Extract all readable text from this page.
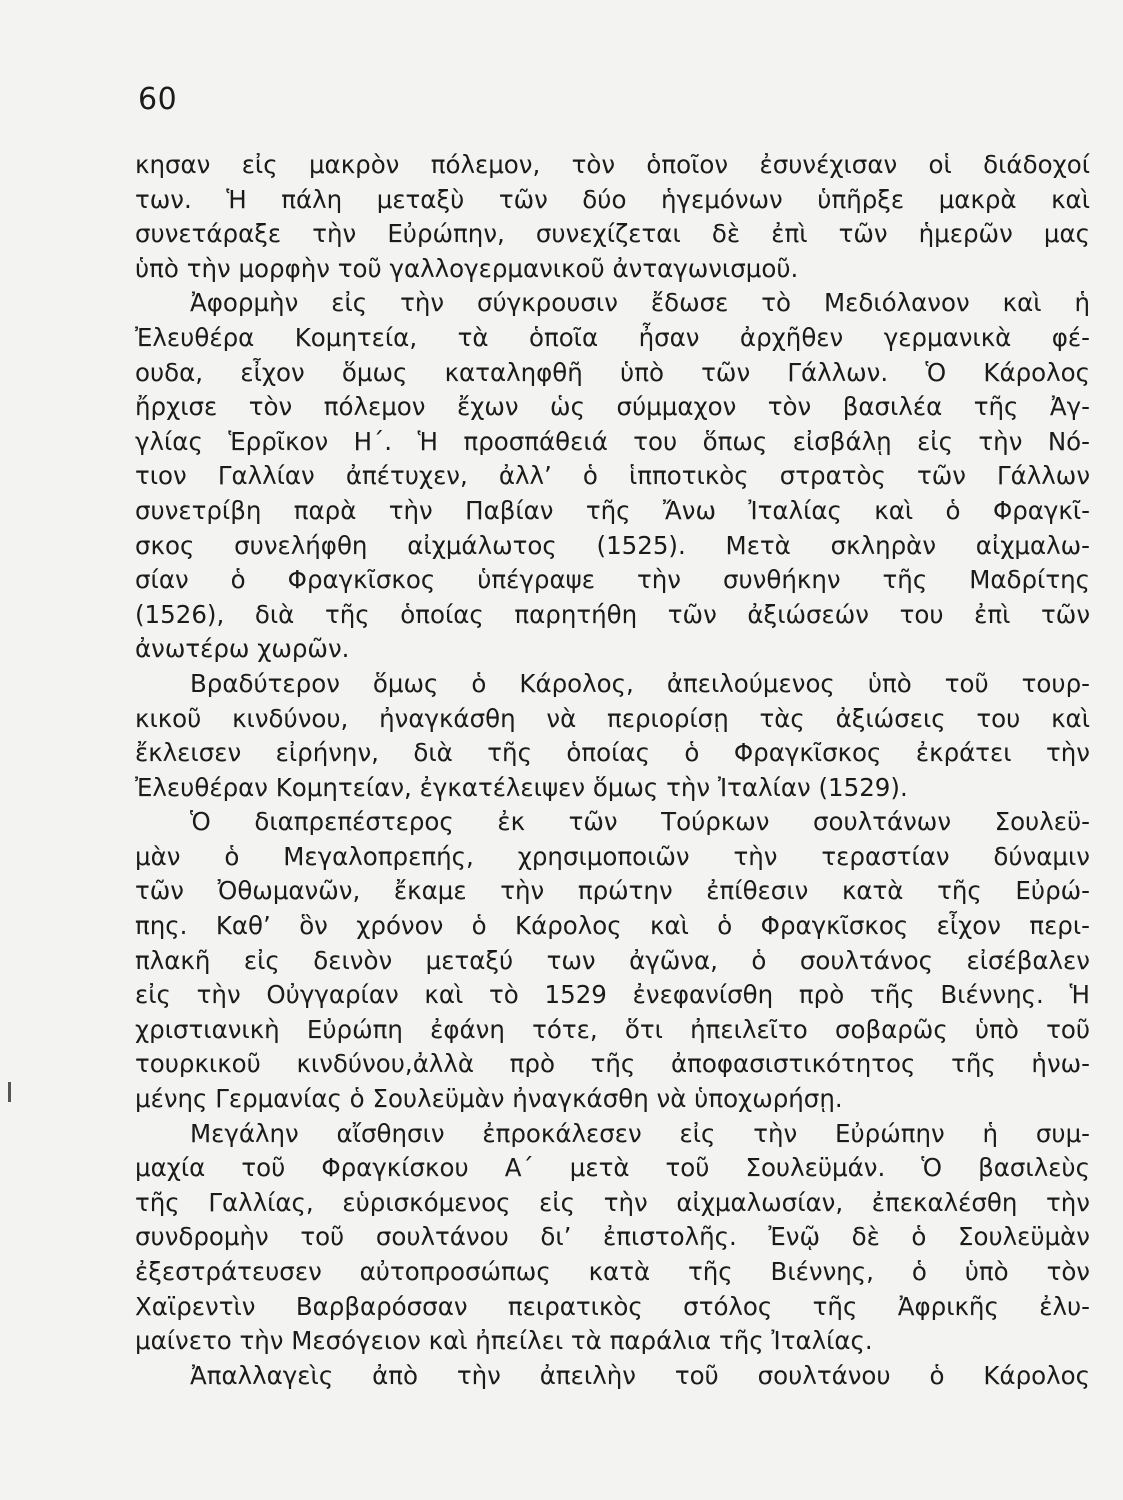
60
κησαν εἰς μακρὸν πόλεμον, τὸν ὁποῖον ἐσυνέχισαν οἱ διάδοχοί
των. Ἡ πάλη μεταξὺ τῶν δύο ἡγεμόνων ὑπῆρξε μακρὰ καὶ
συνετάραξε τὴν Εὐρώπην, συνεχίζεται δὲ ἐπὶ τῶν ἡμερῶν μας
ὑπὸ τὴν μορφὴν τοῦ γαλλογερμανικοῦ ἀνταγωνισμοῦ.
Ἀφορμὴν εἰς τὴν σύγκρουσιν ἔδωσε τὸ Μεδιόλανον καὶ ἡ
Ἐλευθέρα Κομητεία, τὰ ὁποῖα ἦσαν ἀρχῆθεν γερμανικὰ φέ-
ουδα, εἶχον ὅμως καταληφθῆ ὑπὸ τῶν Γάλλων. Ὁ Κάρολος
ἤρχισε τὸν πόλεμον ἔχων ὡς σύμμαχον τὸν βασιλέα τῆς Ἀγ-
γλίας Ἑρρῖκον Η΄. Ἡ προσπάθειά του ὅπως εἰσβάλῃ εἰς τὴν Νό-
τιον Γαλλίαν ἀπέτυχεν, ἀλλ’ ὁ ἱπποτικὸς στρατὸς τῶν Γάλλων
συνετρίβη παρὰ τὴν Παβίαν τῆς Ἄνω Ἰταλίας καὶ ὁ Φραγκῖ-
σκος συνελήφθη αἰχμάλωτος (1525). Μετὰ σκληρὰν αἰχμαλω-
σίαν ὁ Φραγκῖσκος ὑπέγραψε τὴν συνθήκην τῆς Μαδρίτης
(1526), διὰ τῆς ὁποίας παρητήθη τῶν ἀξιώσεών του ἐπὶ τῶν
ἀνωτέρω χωρῶν.
Βραδύτερον ὅμως ὁ Κάρολος, ἀπειλούμενος ὑπὸ τοῦ τουρ-
κικοῦ κινδύνου, ἠναγκάσθη νὰ περιορίσῃ τὰς ἀξιώσεις του καὶ
ἔκλεισεν εἰρήνην, διὰ τῆς ὁποίας ὁ Φραγκῖσκος ἐκράτει τὴν
Ἐλευθέραν Κομητείαν, ἐγκατέλειψεν ὅμως τὴν Ἰταλίαν (1529).
Ὁ διαπρεπέστερος ἐκ τῶν Τούρκων σουλτάνων Σουλεϋ-
μὰν ὁ Μεγαλοπρεπής, χρησιμοποιῶν τὴν τεραστίαν δύναμιν
τῶν Ὀθωμανῶν, ἔκαμε τὴν πρώτην ἐπίθεσιν κατὰ τῆς Εὐρώ-
πης. Καθ’ ὃν χρόνον ὁ Κάρολος καὶ ὁ Φραγκῖσκος εἶχον περι-
πλακῆ εἰς δεινὸν μεταξύ των ἀγῶνα, ὁ σουλτάνος εἰσέβαλεν
εἰς τὴν Οὐγγαρίαν καὶ τὸ 1529 ἐνεφανίσθη πρὸ τῆς Βιέννης. Ἡ
χριστιανικὴ Εὐρώπη ἐφάνη τότε, ὅτι ἠπειλεῖτο σοβαρῶς ὑπὸ τοῦ
τουρκικοῦ κινδύνου,ἀλλὰ πρὸ τῆς ἀποφασιστικότητος τῆς ἡνω-
μένης Γερμανίας ὁ Σουλεϋμὰν ἠναγκάσθη νὰ ὑποχωρήσῃ.
Μεγάλην αἴσθησιν ἐπροκάλεσεν εἰς τὴν Εὐρώπην ἡ συμ-
μαχία τοῦ Φραγκίσκου Α΄ μετὰ τοῦ Σουλεϋμάν. Ὁ βασιλεὺς
τῆς Γαλλίας, εὑρισκόμενος εἰς τὴν αἰχμαλωσίαν, ἐπεκαλέσθη τὴν
συνδρομὴν τοῦ σουλτάνου δι’ ἐπιστολῆς. Ἐνῷ δὲ ὁ Σουλεϋμὰν
ἐξεστράτευσεν αὐτοπροσώπως κατὰ τῆς Βιέννης, ὁ ὑπὸ τὸν
Χαϊρεντὶν Βαρβαρόσσαν πειρατικὸς στόλος τῆς Ἀφρικῆς ἐλυ-
μαίνετο τὴν Μεσόγειον καὶ ἠπείλει τὰ παράλια τῆς Ἰταλίας.
Ἀπαλλαγεὶς ἀπὸ τὴν ἀπειλὴν τοῦ σουλτάνου ὁ Κάρολος
